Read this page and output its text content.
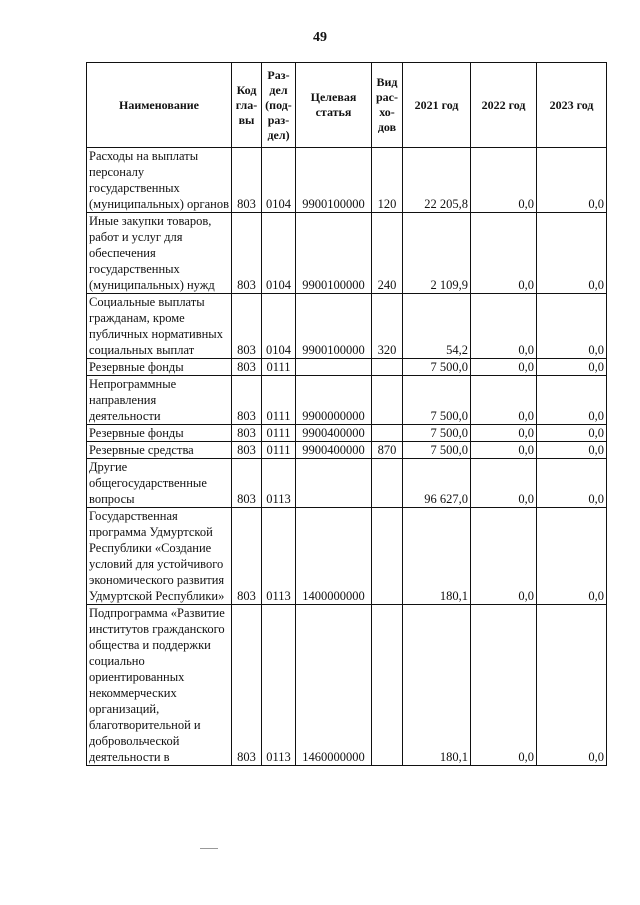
49
Наименование	Код гла- вы	Раз- дел (под- раз- дел)	Целевая статья	Вид рас- хо- дов	2021 год	2022 год	2023 год
Расходы на выплаты персоналу государственных (муниципальных) органов	803	0104	9900100000	120	22 205,8	0,0	0,0
Иные закупки товаров, работ и услуг для обеспечения государственных (муниципальных) нужд	803	0104	9900100000	240	2 109,9	0,0	0,0
Социальные выплаты гражданам, кроме публичных нормативных социальных выплат	803	0104	9900100000	320	54,2	0,0	0,0
Резервные фонды	803	0111			7 500,0	0,0	0,0
Непрограммные направления деятельности	803	0111	9900000000		7 500,0	0,0	0,0
Резервные фонды	803	0111	9900400000		7 500,0	0,0	0,0
Резервные средства	803	0111	9900400000	870	7 500,0	0,0	0,0
Другие общегосударственные вопросы	803	0113			96 627,0	0,0	0,0
Государственная программа Удмуртской Республики «Создание условий для устойчивого экономического развития Удмуртской Республики»	803	0113	1400000000		180,1	0,0	0,0
Подпрограмма «Развитие институтов гражданского общества и поддержки социально ориентированных некоммерческих организаций, благотворительной и добровольческой деятельности в	803	0113	1460000000		180,1	0,0	0,0
